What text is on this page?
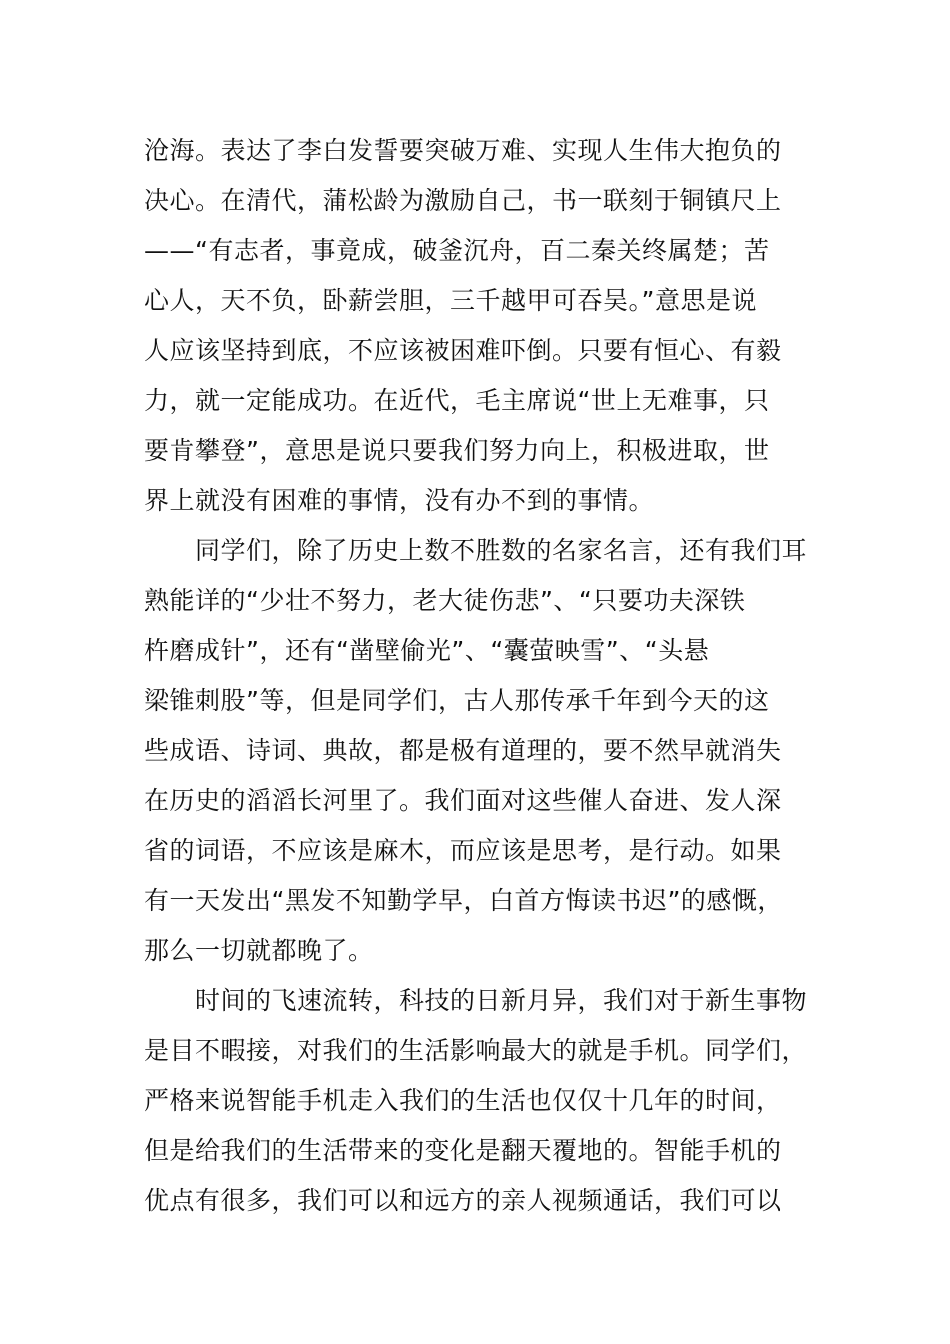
沧海。表达了李白发誓要突破万难、实现人生伟大抱负的
决心。在清代，蒲松龄为激励自己，书一联刻于铜镇尺上
——“有志者，事竟成，破釜沉舟，百二秦关终属楚；苦
心人，天不负，卧薪尝胆，三千越甲可吞吴。”意思是说
人应该坚持到底，不应该被困难吓倒。只要有恒心、有毅
力，就一定能成功。在近代，毛主席说“世上无难事，只
要肯攀登”，意思是说只要我们努力向上，积极进取，世
界上就没有困难的事情，没有办不到的事情。
　　同学们，除了历史上数不胜数的名家名言，还有我们耳
熟能详的“少壮不努力，老大徒伤悲”、“只要功夫深铁
杵磨成针”，还有“凿壁偷光”、“囊萤映雪”、“头悬
梁锥刺股”等，但是同学们，古人那传承千年到今天的这
些成语、诗词、典故，都是极有道理的，要不然早就消失
在历史的滔滔长河里了。我们面对这些催人奋进、发人深
省的词语，不应该是麻木，而应该是思考，是行动。如果
有一天发出“黑发不知勤学早，白首方悔读书迟”的感慨，
那么一切就都晚了。
　　时间的飞速流转，科技的日新月异，我们对于新生事物
是目不暇接，对我们的生活影响最大的就是手机。同学们，
严格来说智能手机走入我们的生活也仅仅十几年的时间，
但是给我们的生活带来的变化是翻天覆地的。智能手机的
优点有很多，我们可以和远方的亲人视频通话，我们可以
